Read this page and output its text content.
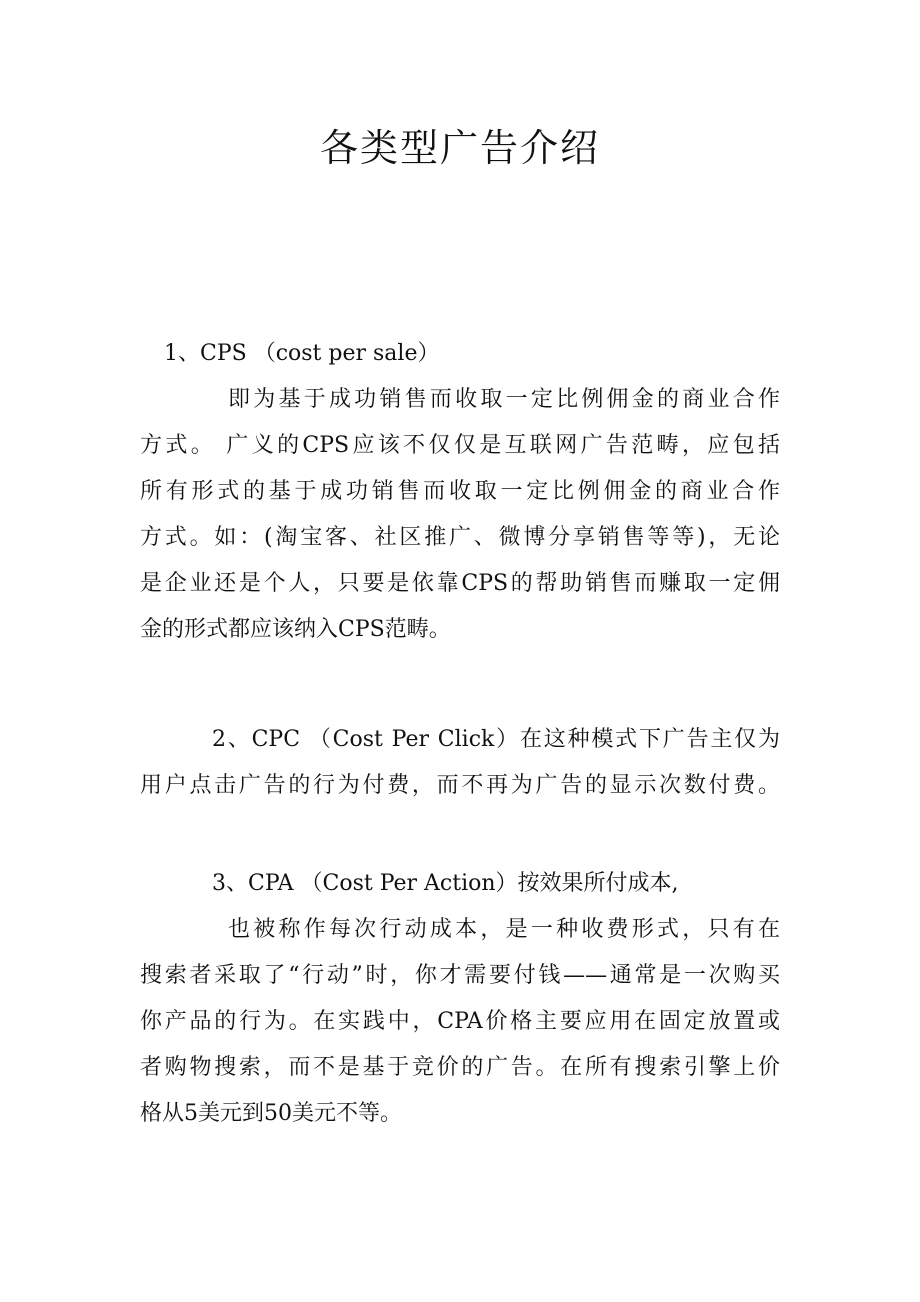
各类型广告介绍

1、CPS （cost per sale）

即为基于成功销售而收取一定比例佣金的商业合作

方式。 广义的CPS应该不仅仅是互联网广告范畴，应包括

所有形式的基于成功销售而收取一定比例佣金的商业合作

方式。如：(淘宝客、社区推广、微博分享销售等等)，无论

是企业还是个人，只要是依靠CPS的帮助销售而赚取一定佣

金的形式都应该纳入CPS范畴。

2、CPC （Cost Per Click）在这种模式下广告主仅为

用户点击广告的行为付费，而不再为广告的显示次数付费。

3、CPA （Cost Per Action）按效果所付成本,

也被称作每次行动成本，是一种收费形式，只有在

搜索者采取了“行动”时，你才需要付钱——通常是一次购买

你产品的行为。在实践中，CPA价格主要应用在固定放置或

者购物搜索，而不是基于竞价的广告。在所有搜索引擎上价

格从5美元到50美元不等。
